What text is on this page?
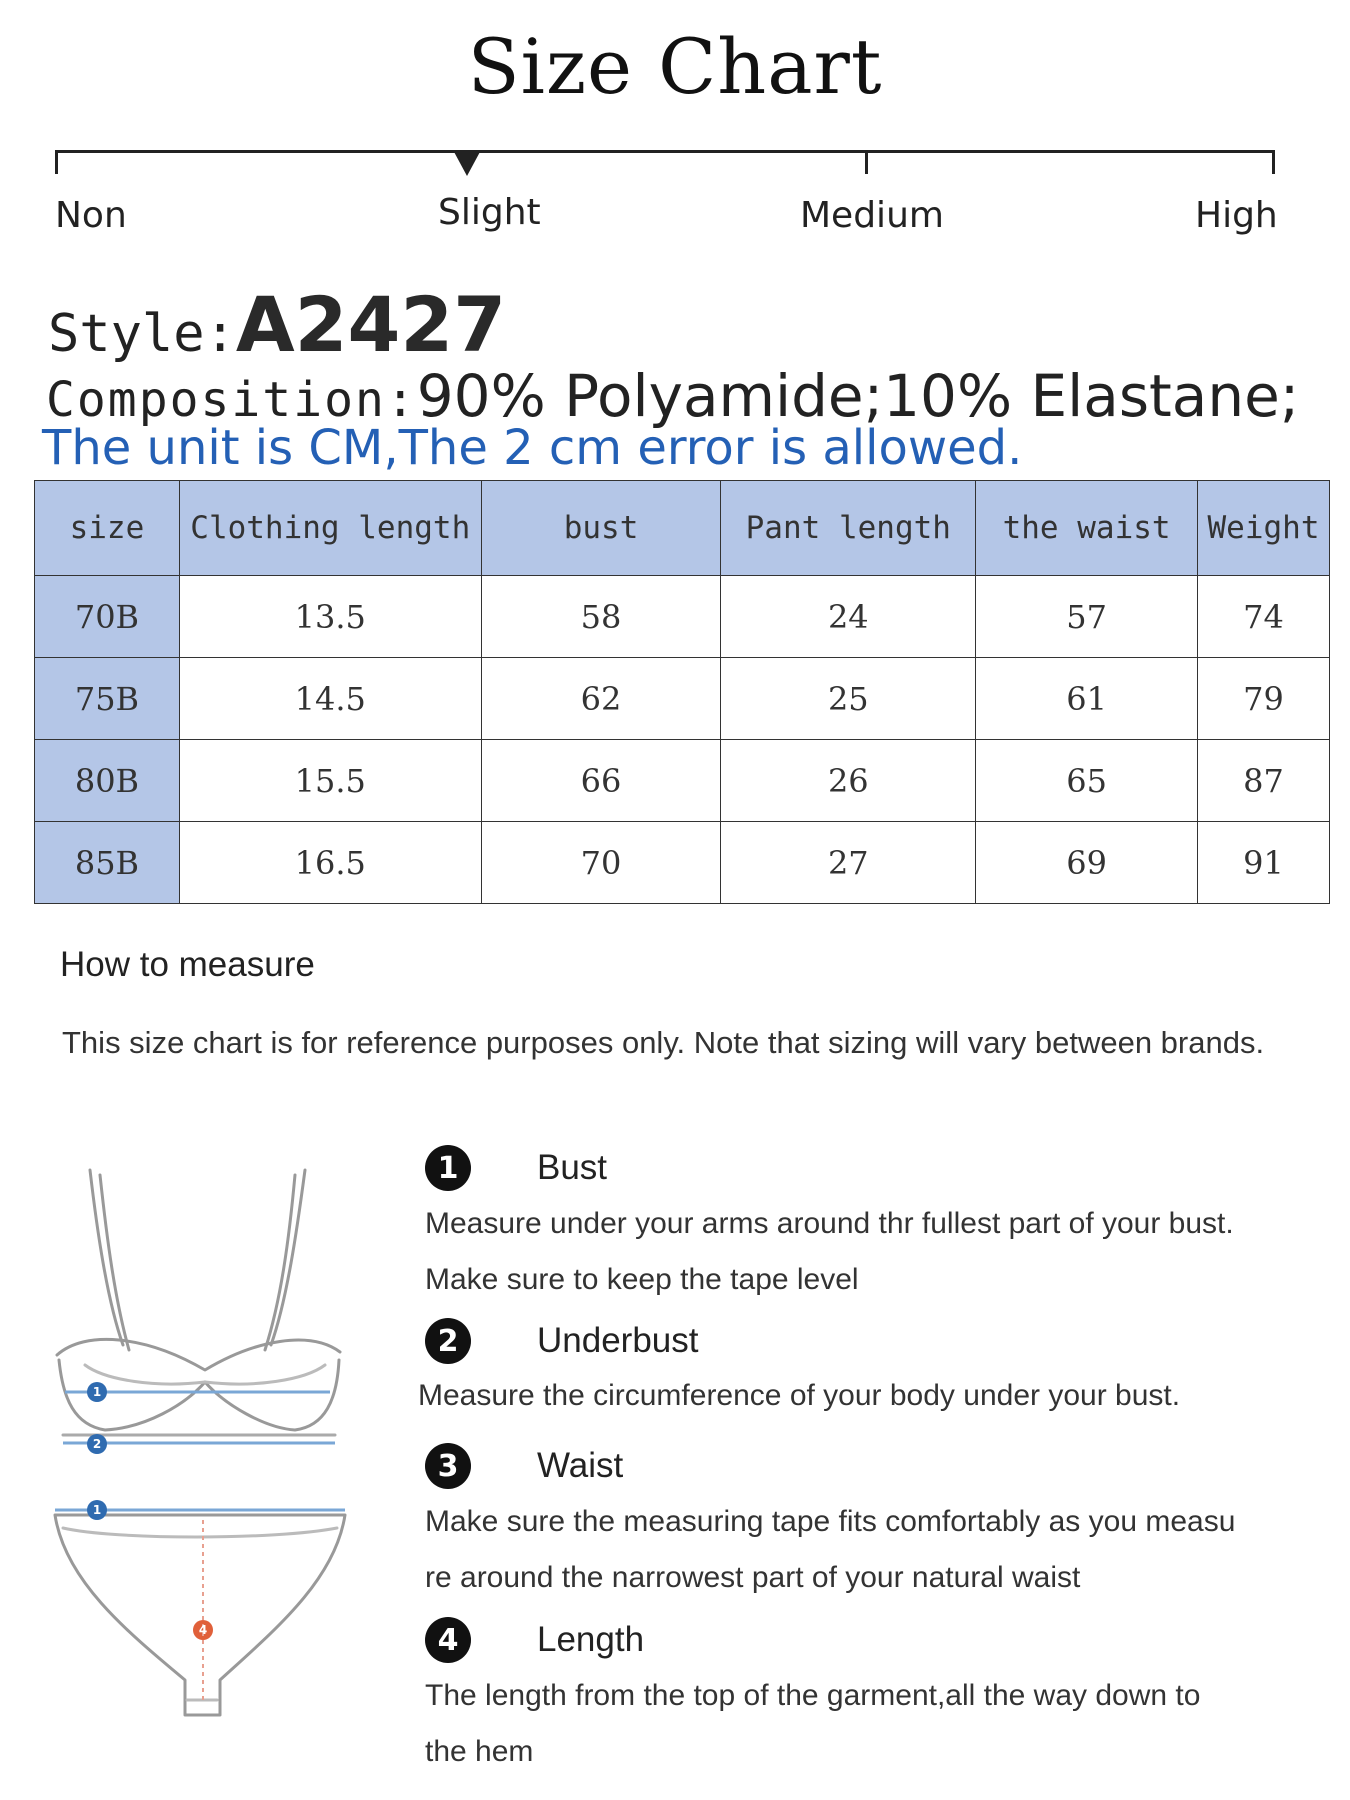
Size Chart
Non	Slight	Medium	High
Style:A2427
Composition:90% Polyamide;10% Elastane;
The unit is CM,The 2 cm error is allowed.
size	Clothing length	bust	Pant length	the waist	Weight
70B	13.5	58	24	57	74
75B	14.5	62	25	61	79
80B	15.5	66	26	65	87
85B	16.5	70	27	69	91
How to measure
This size chart is for reference purposes only. Note that sizing will vary between brands.
1
2
1
4
1	Bust
Measure under your arms around thr fullest part of your bust.
Make sure to keep the tape level
2	Underbust
Measure the circumference of your body under your bust.
3	Waist
Make sure the measuring tape fits comfortably as you measu
re around the narrowest part of your natural waist
4	Length
The length from the top of the garment,all the way down to
the hem
